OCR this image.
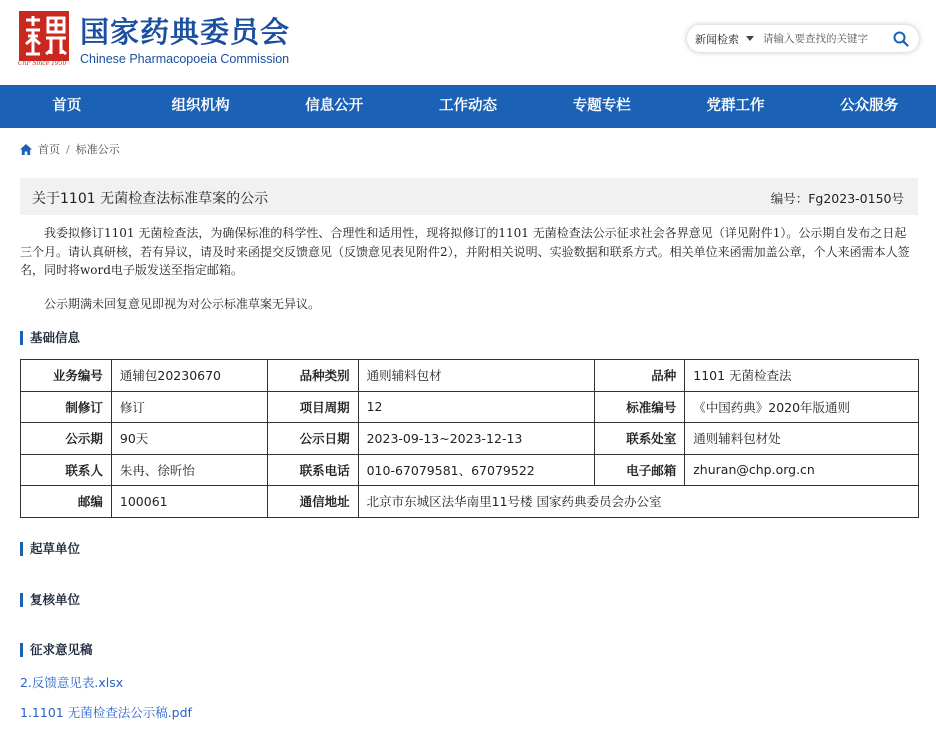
ChP Since 1950
国家药典委员会
Chinese Pharmacopoeia Commission
新闻检索
请输入要查找的关键字
首页	组织机构	信息公开	工作动态	专题专栏	党群工作	公众服务
首页 / 标准公示
关于1101 无菌检查法标准草案的公示	编号：Fg2023-0150号

我委拟修订1101 无菌检查法，为确保标准的科学性、合理性和适用性，现将拟修订的1101 无菌检查法公示征求社会各界意见（详见附件1）。公示期自发布之日起三个月。请认真研核，若有异议，请及时来函提交反馈意见（反馈意见表见附件2），并附相关说明、实验数据和联系方式。相关单位来函需加盖公章，个人来函需本人签名，同时将word电子版发送至指定邮箱。

公示期满未回复意见即视为对公示标准草案无异议。

基础信息
业务编号	通辅包20230670	品种类别	通则辅料包材	品种	1101 无菌检查法
制修订	修订	项目周期	12	标准编号	《中国药典》2020年版通则
公示期	90天	公示日期	2023-09-13~2023-12-13	联系处室	通则辅料包材处
联系人	朱冉、徐昕怡	联系电话	010-67079581、67079522	电子邮箱	zhuran@chp.org.cn
邮编	100061	通信地址	北京市东城区法华南里11号楼 国家药典委员会办公室		
起草单位
复核单位
征求意见稿
2.反馈意见表.xlsx
1.1101 无菌检查法公示稿.pdf
